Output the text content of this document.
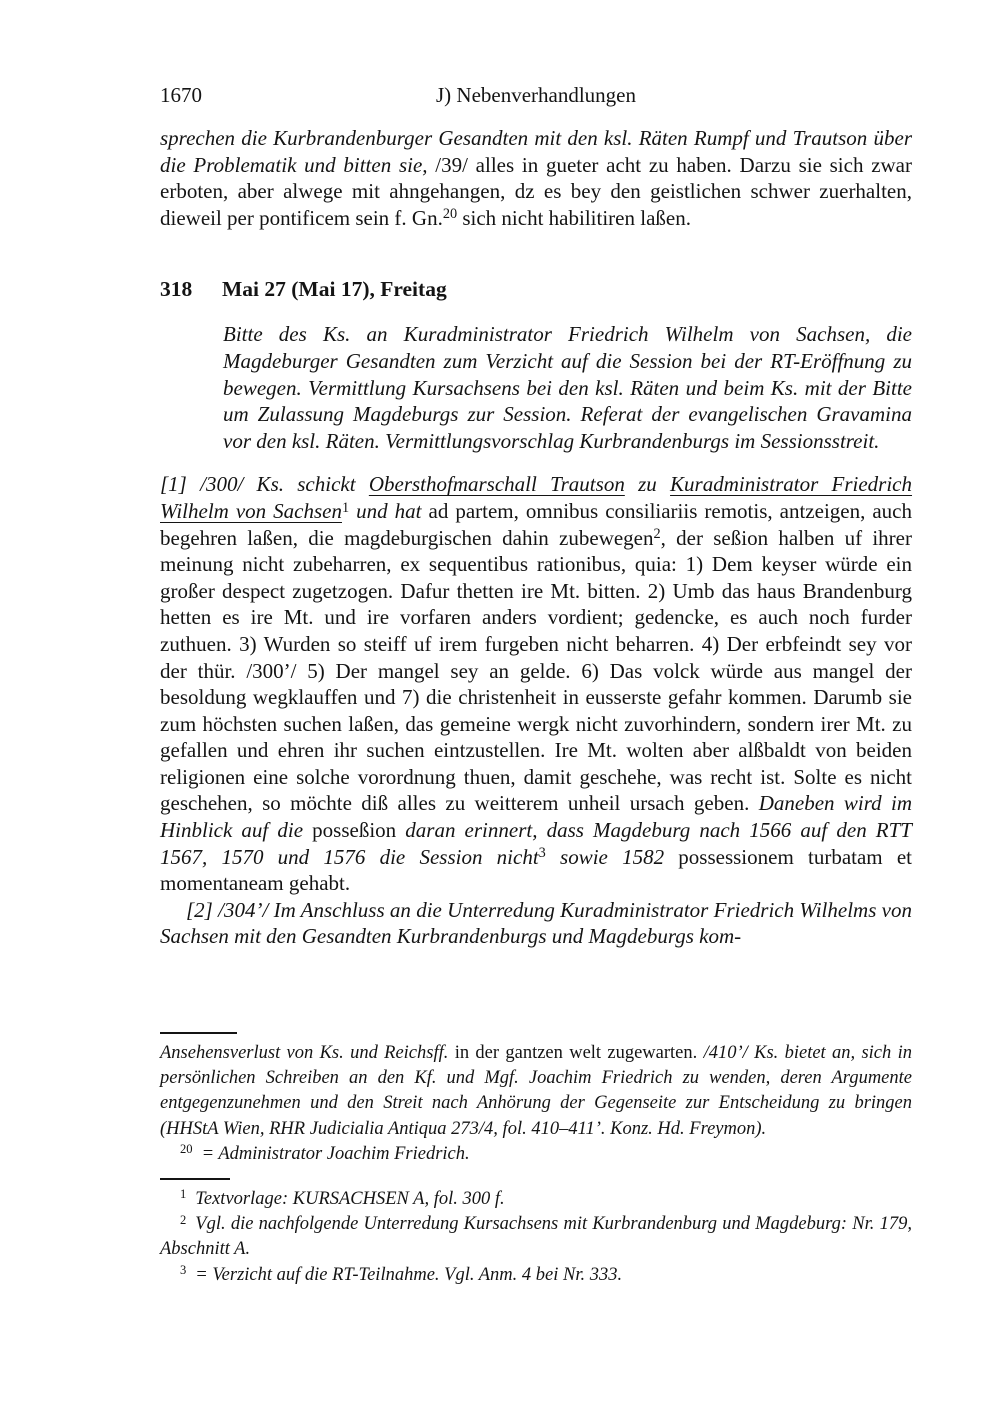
1670	J) Nebenverhandlungen

sprechen die Kurbrandenburger Gesandten mit den ksl. Räten Rumpf und Trautson über die Problematik und bitten sie, /39/ alles in gueter acht zu haben. Darzu sie sich zwar erboten, aber alwege mit ahngehangen, dz es bey den geistlichen schwer zuerhalten, dieweil per pontificem sein f. Gn.$^{20}$ sich nicht habilitiren laßen.

318	Mai 27 (Mai 17), Freitag

Bitte des Ks. an Kuradministrator Friedrich Wilhelm von Sachsen, die Magdeburger Gesandten zum Verzicht auf die Session bei der RT-Eröffnung zu bewegen. Vermittlung Kursachsens bei den ksl. Räten und beim Ks. mit der Bitte um Zulassung Magdeburgs zur Session. Referat der evangelischen Gravamina vor den ksl. Räten. Vermittlungsvorschlag Kurbrandenburgs im Sessionsstreit.

[1] /300/ Ks. schickt Obersthofmarschall Trautson zu Kuradministrator Friedrich Wilhelm von Sachsen$^1$ und hat ad partem, omnibus consiliariis remotis, antzeigen, auch begehren laßen, die magdeburgischen dahin zubewegen$^2$, der seßion halben uf ihrer meinung nicht zubeharren, ex sequentibus rationibus, quia: 1) Dem keyser würde ein großer despect zugetzogen. Dafur thetten ire Mt. bitten. 2) Umb das haus Brandenburg hetten es ire Mt. und ire vorfaren anders vordient; gedencke, es auch noch furder zuthuen. 3) Wurden so steiff uf irem furgeben nicht beharren. 4) Der erbfeindt sey vor der thür. /300’/ 5) Der mangel sey an gelde. 6) Das volck würde aus mangel der besoldung wegklauffen und 7) die christenheit in eusserste gefahr kommen. Darumb sie zum höchsten suchen laßen, das gemeine wergk nicht zuvorhindern, sondern irer Mt. zu gefallen und ehren ihr suchen eintzustellen. Ire Mt. wolten aber alßbaldt von beiden religionen eine solche vorordnung thuen, damit geschehe, was recht ist. Solte es nicht geschehen, so möchte diß alles zu weitterem unheil ursach geben. Daneben wird im Hinblick auf die posseßion daran erinnert, dass Magdeburg nach 1566 auf den RTT 1567, 1570 und 1576 die Session nicht$^3$ sowie 1582 possessionem turbatam et momentaneam gehabt.

[2] /304’/ Im Anschluss an die Unterredung Kuradministrator Friedrich Wilhelms von Sachsen mit den Gesandten Kurbrandenburgs und Magdeburgs kom-

Ansehensverlust von Ks. und Reichsff. in der gantzen welt zugewarten. /410’/ Ks. bietet an, sich in persönlichen Schreiben an den Kf. und Mgf. Joachim Friedrich zu wenden, deren Argumente entgegenzunehmen und den Streit nach Anhörung der Gegenseite zur Entscheidung zu bringen (HHStA Wien, RHR Judicialia Antiqua 273/4, fol. 410–411’. Konz. Hd. Freymon).

$^{20}$ = Administrator Joachim Friedrich.

$^1$ Textvorlage: KURSACHSEN A, fol. 300 f.

$^2$ Vgl. die nachfolgende Unterredung Kursachsens mit Kurbrandenburg und Magdeburg: Nr. 179, Abschnitt A.

$^3$ = Verzicht auf die RT-Teilnahme. Vgl. Anm. 4 bei Nr. 333.
